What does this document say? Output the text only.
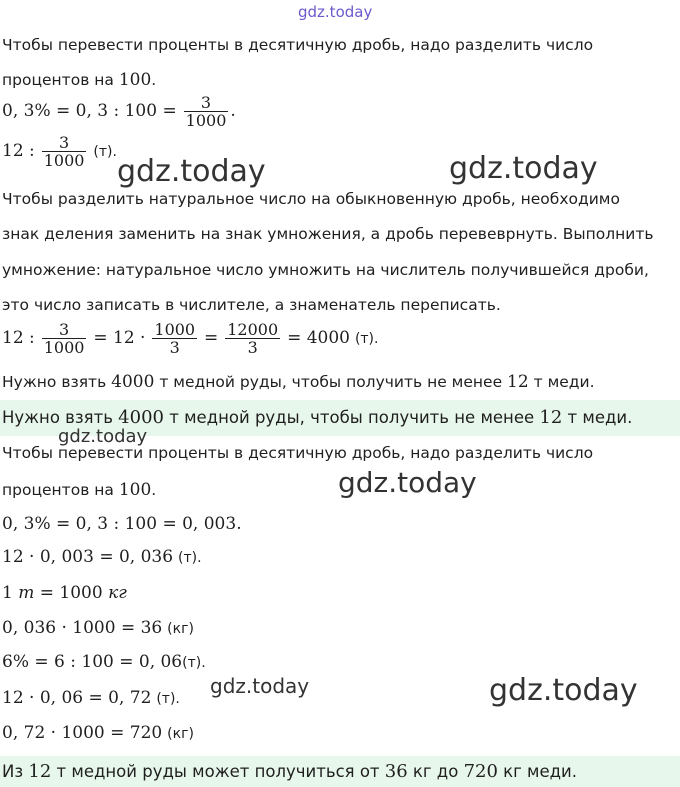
gdz.today
Чтобы перевести проценты в десятичную дробь, надо разделить число
процентов на 100.
0, 3% = 0, 3 : $100 = \frac{3}{1000}$ .
12 : $\frac{3}{1000} (т)$.
gdz.today	gdz.today
Чтобы разделить натуральное число на обыкновенную дробь, необходимо
знак деления заменить на знак умножения, а дробь перевеврнуть. Выполнить
умножение: натуральное число умножить на числитель получившейся дроби,
это число записать в числителе, а знаменатель переписать.
12 : $\frac{3}{1000} = 12 \cdot \frac{1000}{3} = \frac{12000}{3} = 4000$ (т).
Нужно взять 4000 т медной руды, чтобы получить не менее 12 т меди.
Нужно взять 4000 т медной руды, чтобы получить не менее 12 т меди.
gdz.today
Чтобы перевести проценты в десятичную дробь, надо разделить число
процентов на 100.	gdz.today
0, 3% = 0, 3 : 100 = 0, 003.
12 · 0, 003 = 0, 036 (т).
1 т = 1000 кг
0, 036 · 1000 = 36 (кг)
6% = 6 : 100 = 0, 06(т).
12 · 0, 06 = 0, 72 (т).
gdz.today	gdz.today
0, 72 · 1000 = 720 (кг)
Из 12 т медной руды может получиться от 36 кг до 720 кг меди.
